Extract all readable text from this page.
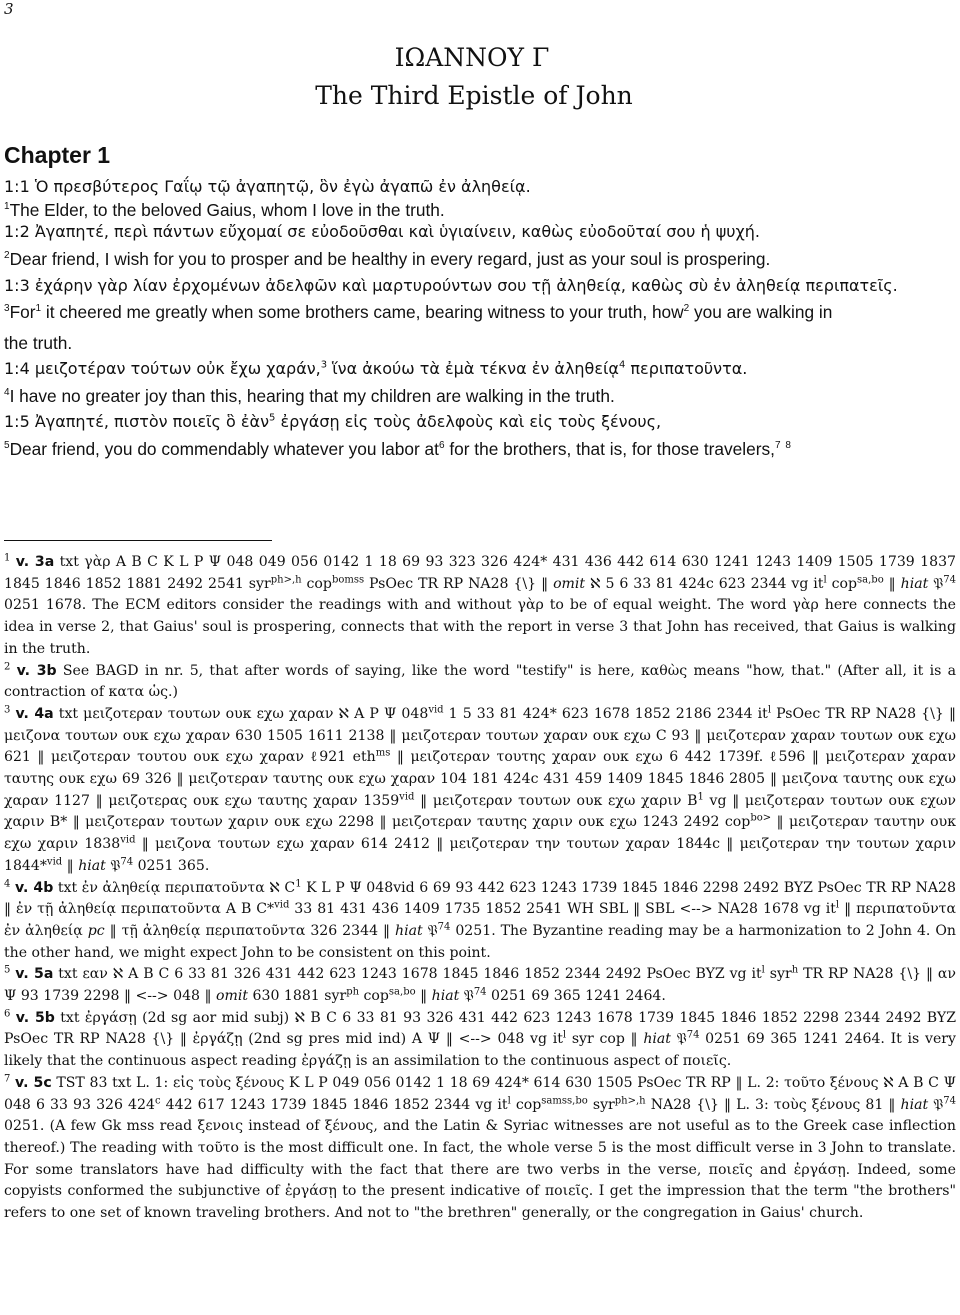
3
ΙΩΑΝΝΟΥ Γ
The Third Epistle of John
Chapter 1
1:1 Ὁ πρεσβύτερος Γαΐῳ τῷ ἀγαπητῷ, ὃν ἐγὼ ἀγαπῶ ἐν ἀληθείᾳ.
$^1$The Elder, to the beloved Gaius, whom I love in the truth.
1:2 Ἀγαπητέ, περὶ πάντων εὔχομαί σε εὐοδοῦσθαι καὶ ὑγιαίνειν, καθὼς εὐοδοῦταί σου ἡ ψυχή.
$^2$Dear friend, I wish for you to prosper and be healthy in every regard, just as your soul is prospering.
1:3 ἐχάρην γὰρ λίαν ἐρχομένων ἀδελφῶν καὶ μαρτυρούντων σου τῇ ἀληθείᾳ, καθὼς σὺ ἐν ἀληθείᾳ περιπατεῖς.
$^3$For$^1$ it cheered me greatly when some brothers came, bearing witness to your truth, how$^2$ you are walking in
the truth.
1:4 μειζοτέραν τούτων οὐκ ἔχω χαράν,$^3$ ἵνα ἀκούω τὰ ἐμὰ τέκνα ἐν ἀληθείᾳ$^4$ περιπατοῦντα.
$^4$I have no greater joy than this, hearing that my children are walking in the truth.
1:5 Ἀγαπητέ, πιστὸν ποιεῖς ὃ ἐὰν$^5$ ἐργάσῃ εἰς τοὺς ἀδελφοὺς καὶ εἰς τοὺς ξένους,
$^5$Dear friend, you do commendably whatever you labor $at^6$ for the brothers, that is, for those travelers,$^7$ $^8$

$^1$ v. 3a txt γὰρ A B C K L P Ψ 048 049 056 0142 1 18 69 93 323 326 424* 431 436 442 614 630 1241 1243 1409 1505 1739 1837 1845 1846 1852 1881 2492 2541 syr$^{ph>,h}$ cop$^{bomss}$ PsOec TR RP NA28 {\} ‖ omit ℵ 5 6 33 81 424c 623 2344 vg $it^l$ cop$^{sa,bo}$ ‖ hiat 𝔓$^{74}$ 0251 1678. The ECM editors consider the readings with and without γὰρ to be of equal weight. The word γὰρ here connects the idea in verse 2, that Gaius' soul is prospering, connects that with the report in verse 3 that John has received, that Gaius is walking in the truth.

$^2$ v. 3b See BAGD in nr. 5, that after words of saying, like the word "testify" is here, καθὼς means "how, that." (After all, it is a contraction of κατα ὡς.)

$^3$ v. 4a txt μειζοτεραν τουτων ουκ εχω χαραν ℵ A P Ψ $048^{vid}$ 1 5 33 81 424* 623 1678 1852 2186 2344 $it^l$ PsOec TR RP NA28 {\} ‖ μειζονα τουτων ουκ εχω χαραν 630 1505 1611 2138 ‖ μειζοτεραν τουτων χαραν ουκ εχω C 93 ‖ μειζοτεραν χαραν τουτων ουκ εχω 621 ‖ μειζοτεραν τουτου ουκ εχω χαραν ℓ921 eth$^{ms}$ ‖ μειζοτεραν τουτης χαραν ουκ εχω 6 442 1739f. ℓ596 ‖ μειζοτεραν χαραν ταυτης ουκ εχω 69 326 ‖ μειζοτεραν ταυτης ουκ εχω χαραν 104 181 424c 431 459 1409 1845 1846 2805 ‖ μειζονα ταυτης ουκ εχω χαραν 1127 ‖ μειζοτερας ουκ εχω ταυτης χαραν $1359^{vid}$ ‖ μειζοτεραν τουτων ουκ εχω χαριν $B^1$ vg ‖ μειζοτεραν τουτων ουκ εχων χαριν B* ‖ μειζοτεραν τουτων χαριν ουκ εχω 2298 ‖ μειζοτεραν ταυτης χαριν ουκ εχω 1243 2492 cop$^{bo>}$ ‖ μειζοτεραν ταυτην ουκ εχω χαριν $1838^{vid}$ ‖ μειζονα τουτων εχω χαραν 614 2412 ‖ μειζοτεραν την τουτων χαραν 1844c ‖ μειζοτεραν την τουτων χαριν 1844*$^{vid}$ ‖ hiat 𝔓$^{74}$ 0251 365.

$^4$ v. 4b txt ἐν ἀληθείᾳ περιπατοῦντα ℵ $C^1$ K L P Ψ 048vid 6 69 93 442 623 1243 1739 1845 1846 2298 2492 BYZ PsOec TR RP NA28 ‖ ἐν τῇ ἀληθείᾳ περιπατοῦντα A B C*$^{vid}$ 33 81 431 436 1409 1735 1852 2541 WH SBL ‖ SBL <--> NA28 1678 vg $it^l$ ‖ περιπατοῦντα ἐν ἀληθείᾳ pc ‖ τῇ ἀληθείᾳ περιπατοῦντα 326 2344 ‖ hiat 𝔓$^{74}$ 0251. The Byzantine reading may be a harmonization to 2 John 4. On the other hand, we might expect John to be consistent on this point.

$^5$ v. 5a txt εαν ℵ A B C 6 33 81 326 431 442 623 1243 1678 1845 1846 1852 2344 2492 PsOec BYZ vg $it^l$ syr$^h$ TR RP NA28 {\} ‖ αν Ψ 93 1739 2298 ‖ <--> 048 ‖ omit 630 1881 syr$^{ph}$ cop$^{sa,bo}$ ‖ hiat 𝔓$^{74}$ 0251 69 365 1241 2464.

$^6$ v. 5b txt ἐργάσῃ (2d sg aor mid subj) ℵ B C 6 33 81 93 326 431 442 623 1243 1678 1739 1845 1846 1852 2298 2344 2492 BYZ PsOec TR RP NA28 {\} ‖ ἐργάζῃ (2nd sg pres mid ind) A Ψ ‖ <--> 048 vg $it^l$ syr cop ‖ hiat 𝔓$^{74}$ 0251 69 365 1241 2464. It is very likely that the continuous aspect reading ἐργάζῃ is an assimilation to the continuous aspect of ποιεῖς.

$^7$ v. 5c TST 83 txt L. 1: εἰς τοὺς ξένους K L P 049 056 0142 1 18 69 424* 614 630 1505 PsOec TR RP ‖ L. 2: τοῦτο ξένους ℵ A B C Ψ 048 6 33 93 326 424$^c$ 442 617 1243 1739 1845 1846 1852 2344 vg $it^l$ cop$^{samss,bo}$ syr$^{ph>,h}$ NA28 {\} ‖ L. 3: τοὺς ξένους 81 ‖ hiat 𝔓$^{74}$ 0251. (A few Gk mss read ξενοις instead of ξένους, and the Latin & Syriac witnesses are not useful as to the Greek case inflection thereof.) The reading with τοῦτο is the most difficult one. In fact, the whole verse 5 is the most difficult verse in 3 John to translate. For some translators have had difficulty with the fact that there are two verbs in the verse, ποιεῖς and ἐργάσῃ. Indeed, some copyists conformed the subjunctive of ἐργάσῃ to the present indicative of ποιεῖς. I get the impression that the term "the brothers" refers to one set of known traveling brothers. And not to "the brethren" generally, or the congregation in Gaius' church.
